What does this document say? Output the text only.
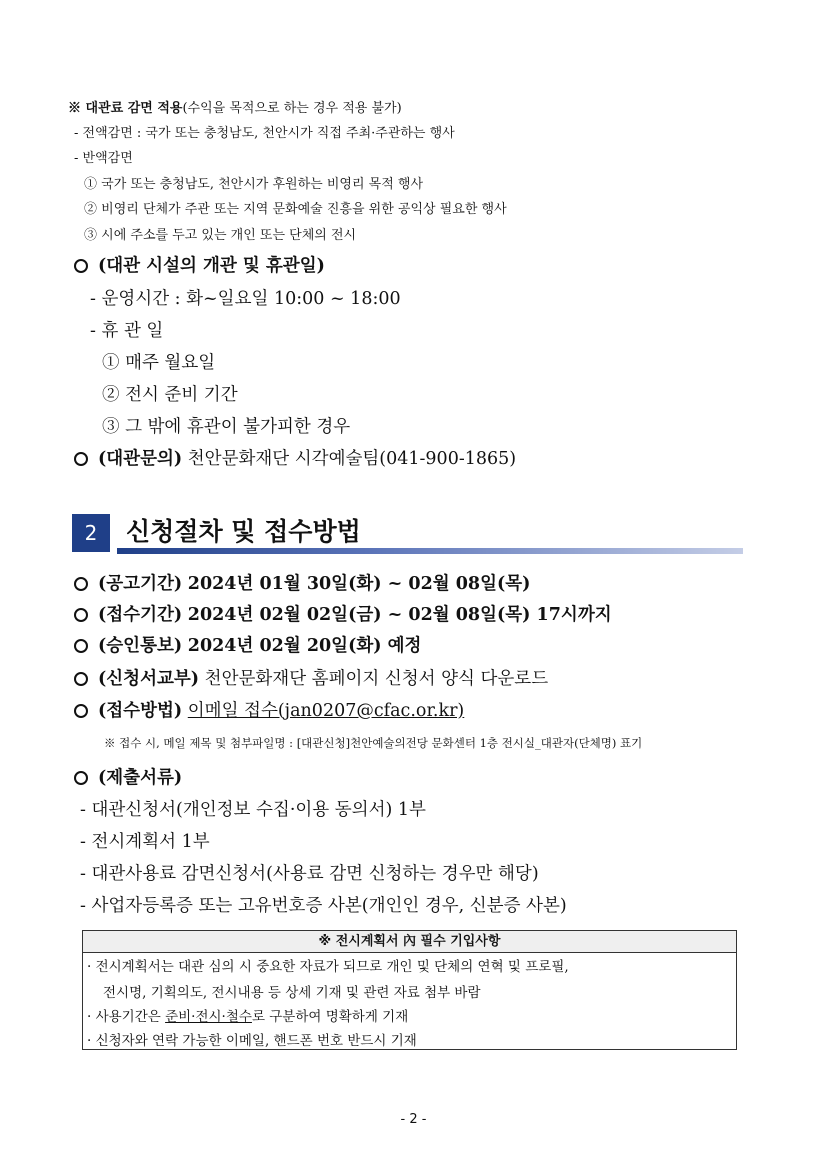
※ 대관료 감면 적용(수익을 목적으로 하는 경우 적용 불가)
- 전액감면 : 국가 또는 충청남도, 천안시가 직접 주최·주관하는 행사
- 반액감면
① 국가 또는 충청남도, 천안시가 후원하는 비영리 목적 행사
② 비영리 단체가 주관 또는 지역 문화예술 진흥을 위한 공익상 필요한 행사
③ 시에 주소를 두고 있는 개인 또는 단체의 전시
(대관 시설의 개관 및 휴관일)
- 운영시간 : 화~일요일 10:00 ~ 18:00
- 휴 관 일
① 매주 월요일
② 전시 준비 기간
③ 그 밖에 휴관이 불가피한 경우
(대관문의) 천안문화재단 시각예술팀(041-900-1865)
2	신청절차 및 접수방법
(공고기간) 2024년 01월 30일(화) ~ 02월 08일(목)
(접수기간) 2024년 02월 02일(금) ~ 02월 08일(목) 17시까지
(승인통보) 2024년 02월 20일(화) 예정
(신청서교부) 천안문화재단 홈페이지 신청서 양식 다운로드
(접수방법) 이메일 접수(jan0207@cfac.or.kr)
※ 접수 시, 메일 제목 및 첨부파일명 : [대관신청]천안예술의전당 문화센터 1층 전시실_대관자(단체명) 표기
(제출서류)
- 대관신청서(개인정보 수집·이용 동의서) 1부
- 전시계획서 1부
- 대관사용료 감면신청서(사용료 감면 신청하는 경우만 해당)
- 사업자등록증 또는 고유번호증 사본(개인인 경우, 신분증 사본)
※ 전시계획서 內 필수 기입사항
· 전시계획서는 대관 심의 시 중요한 자료가 되므로 개인 및 단체의 연혁 및 프로필,
전시명, 기획의도, 전시내용 등 상세 기재 및 관련 자료 첨부 바람
· 사용기간은 준비·전시·철수로 구분하여 명확하게 기재
· 신청자와 연락 가능한 이메일, 핸드폰 번호 반드시 기재
- 2 -
